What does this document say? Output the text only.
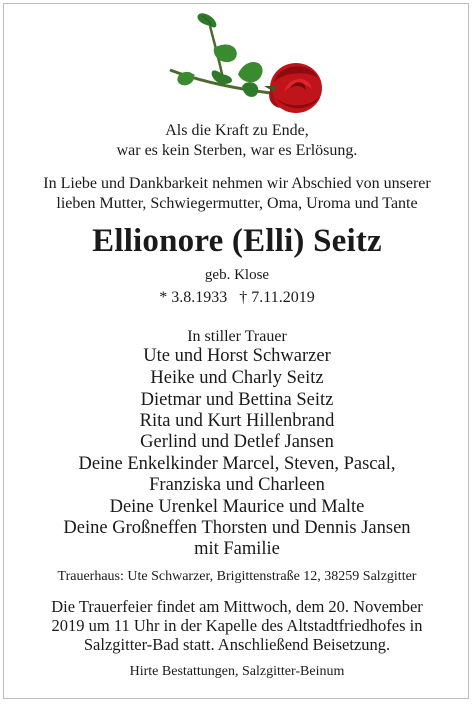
Als die Kraft zu Ende,
war es kein Sterben, war es Erlösung.
In Liebe und Dankbarkeit nehmen wir Abschied von unserer
lieben Mutter, Schwiegermutter, Oma, Uroma und Tante
Ellionore (Elli) Seitz
geb. Klose
* 3.8.1933   † 7.11.2019
In stiller Trauer
Ute und Horst Schwarzer
Heike und Charly Seitz
Dietmar und Bettina Seitz
Rita und Kurt Hillenbrand
Gerlind und Detlef Jansen
Deine Enkelkinder Marcel, Steven, Pascal,
Franziska und Charleen
Deine Urenkel Maurice und Malte
Deine Großneffen Thorsten und Dennis Jansen
mit Familie
Trauerhaus: Ute Schwarzer, Brigittenstraße 12, 38259 Salzgitter
Die Trauerfeier findet am Mittwoch, dem 20. November
2019 um 11 Uhr in der Kapelle des Altstadtfriedhofes in
Salzgitter-Bad statt. Anschließend Beisetzung.
Hirte Bestattungen, Salzgitter-Beinum
